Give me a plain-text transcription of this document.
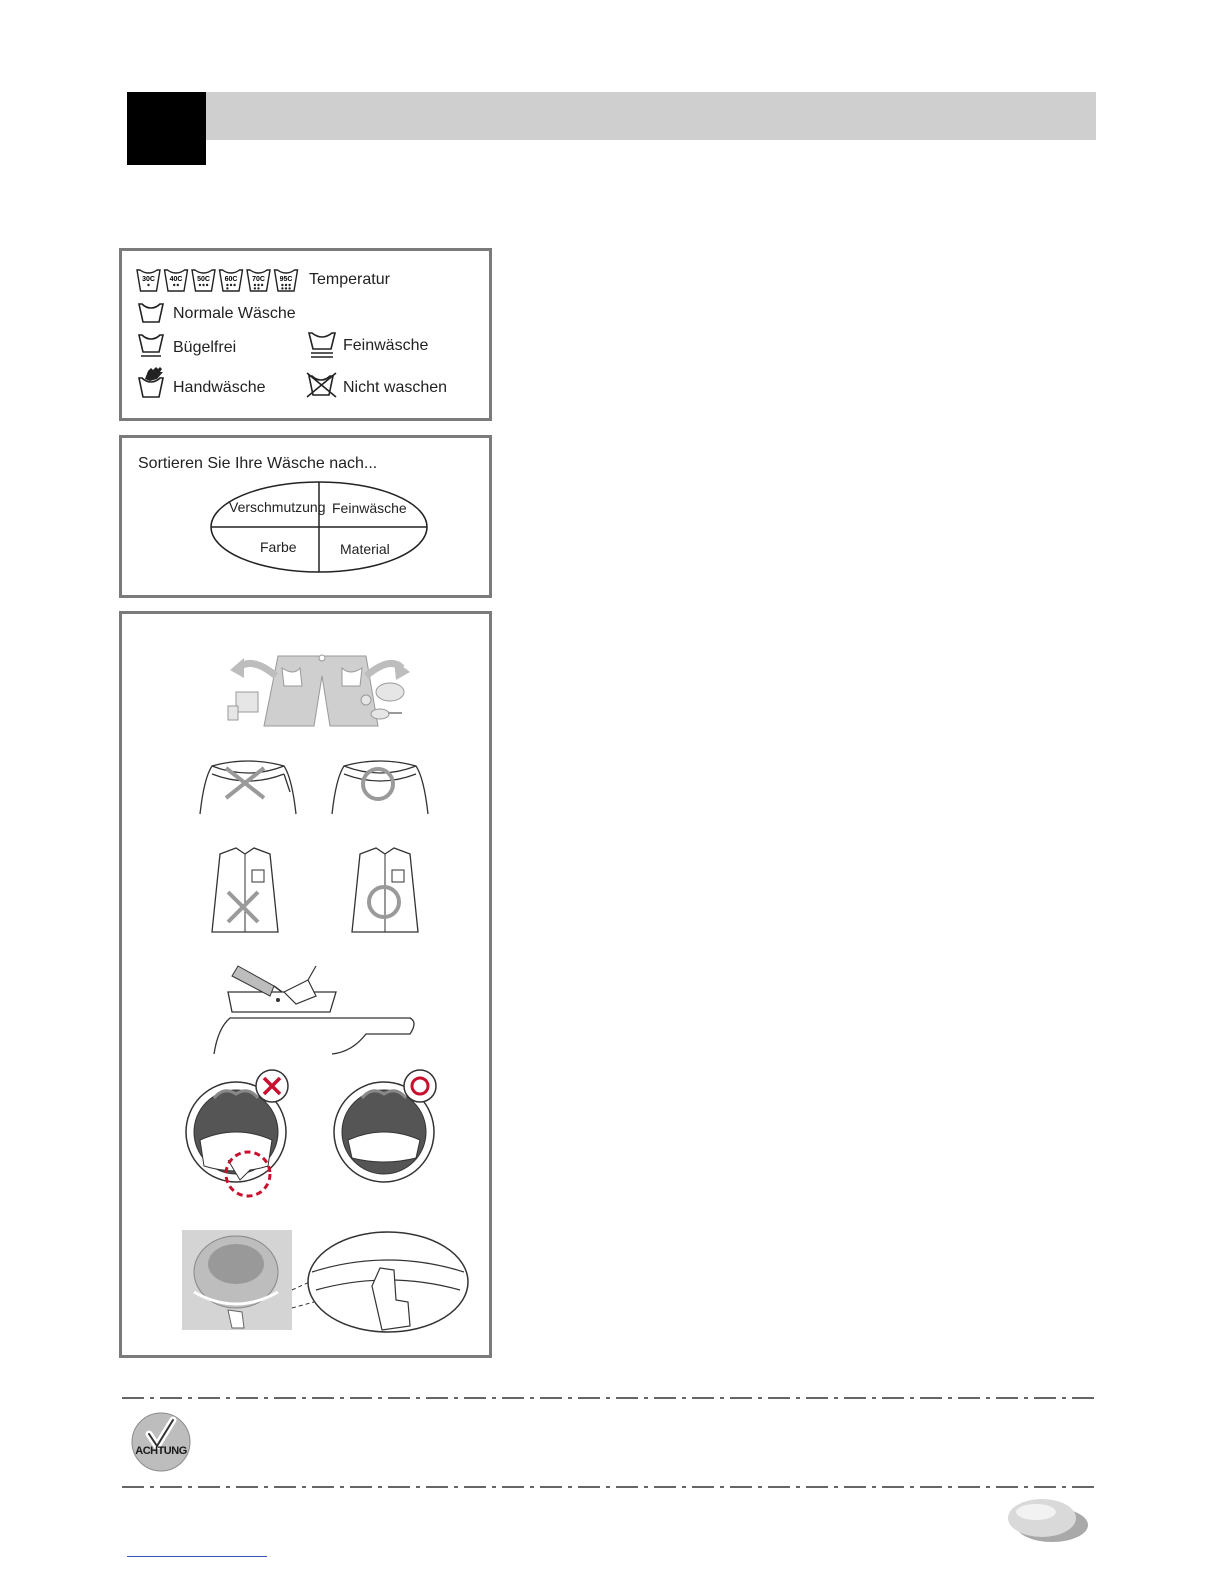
30C 40C 50C 60C 70C 95C Temperatur
Normale Wäsche
Bügelfrei	Feinwäsche
Handwäsche	Nicht waschen
Sortieren Sie Ihre Wäsche nach...
Verschmutzung Feinwäsche
Farbe	Material
ACHTUNG
